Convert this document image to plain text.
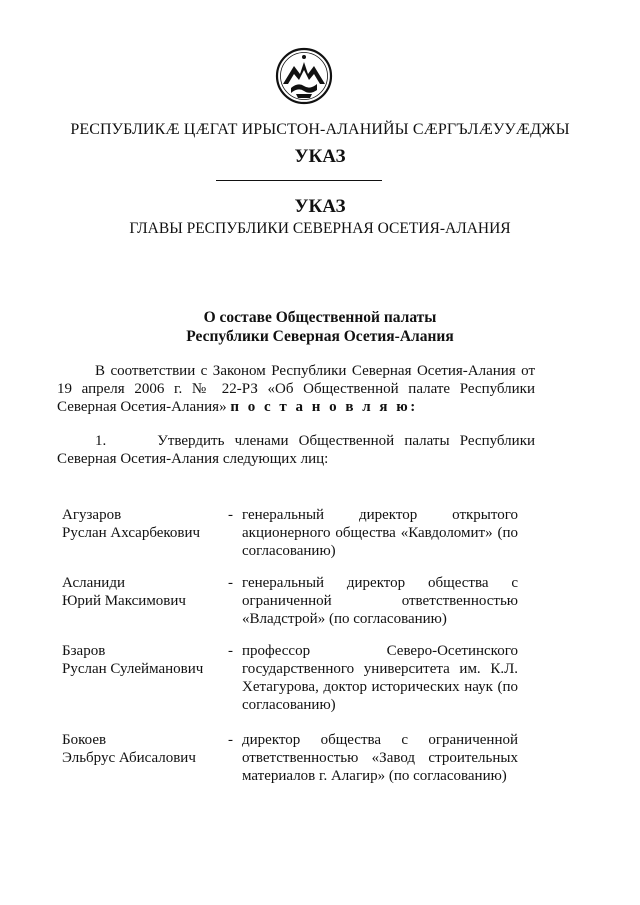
РЕСПУБЛИКӔ ЦӔГАТ ИРЫСТОН-АЛАНИЙЫ СӔРГЪЛӔУУӔДЖЫ
УКАЗ
УКАЗ
ГЛАВЫ РЕСПУБЛИКИ СЕВЕРНАЯ ОСЕТИЯ-АЛАНИЯ
О составе Общественной палаты
Республики Северная Осетия-Алания
В соответствии с Законом Республики Северная Осетия-Алания от 19 апреля 2006 г. № 22-РЗ «Об Общественной палате Республики Северная Осетия-Алания» п о с т а н о в л я ю:
1.	Утвердить членами Общественной палаты Республики Северная Осетия-Алания следующих лиц:
Агузаров
Руслан Ахсарбекович
- генеральный директор открытого акционерного общества «Кавдоломит» (по согласованию)
Асланиди
Юрий Максимович
- генеральный директор общества с ограниченной ответственностью «Владстрой» (по согласованию)
Бзаров
Руслан Сулейманович
- профессор Северо-Осетинского государственного университета им. К.Л. Хетагурова, доктор исторических наук (по согласованию)
Бокоев
Эльбрус Абисалович
- директор общества с ограниченной ответственностью «Завод строительных материалов г. Алагир» (по согласованию)
